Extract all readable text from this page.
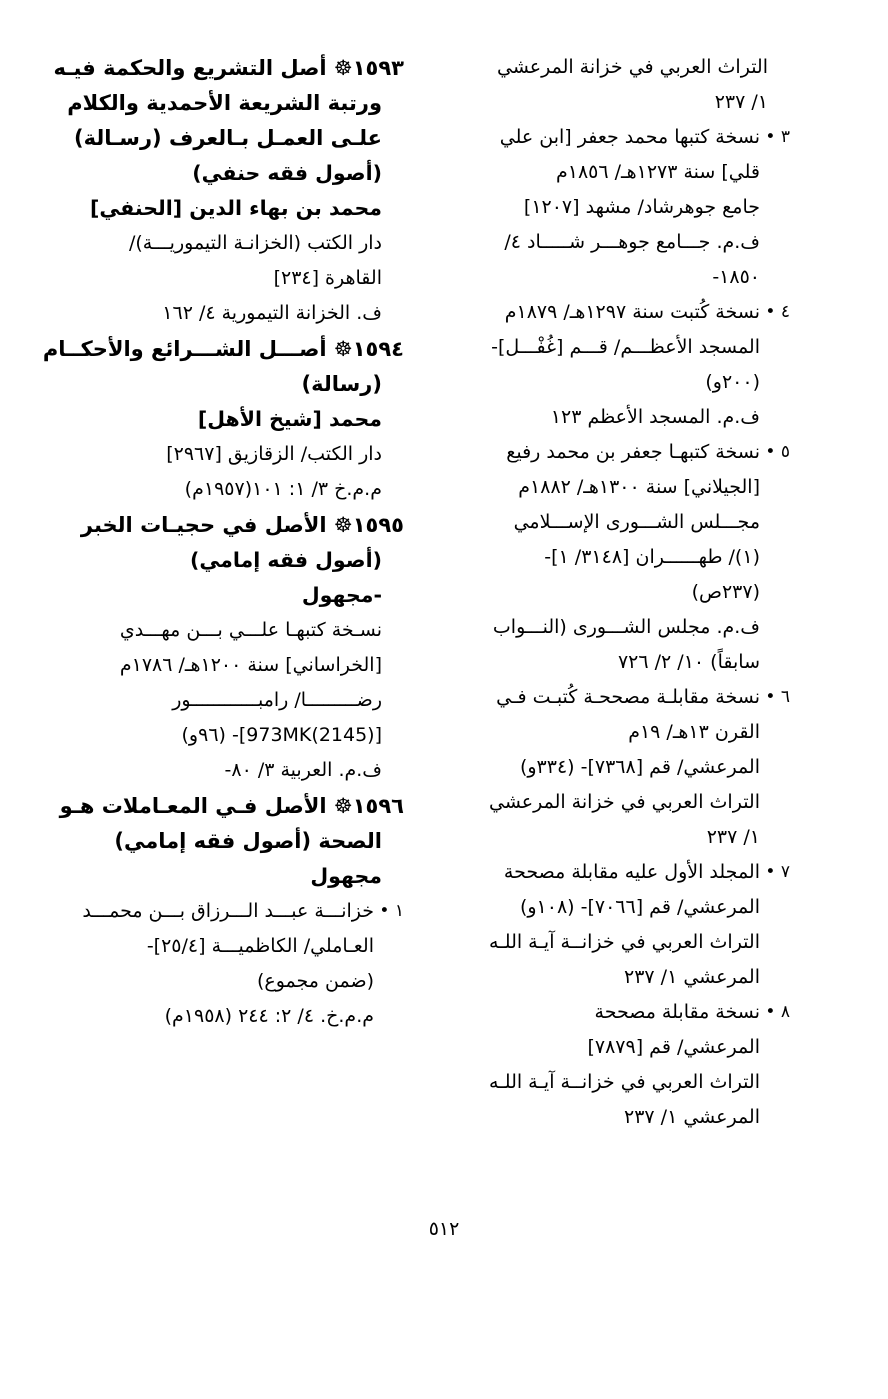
التراث العربي في خزانة المرعشي
١/ ٢٣٧
٣ •
نسخة كتبها محمد جعفر [ابن علي
قلي] سنة ١٢٧٣هـ/ ١٨٥٦م
جامع جوهرشاد/ مشهد [١٢٠٧]
ف.م. جـــامع جوهـــر شـــــاد ٤/
١٨٥٠-
٤ •
نسخة كُتبت سنة ١٢٩٧هـ/ ١٨٧٩م
المسجد الأعظـــم/ قـــم [غُفْـــل]-
(٢٠٠و)
ف.م. المسجد الأعظم ١٢٣
٥ •
نسخة كتبهـا جعفر بن محمد رفيع
[الجيلاني] سنة ١٣٠٠هـ/ ١٨٨٢م
مجـــلس الشـــورى الإســـلامي
(١)/ طهــــــران [٣١٤٨/ ١]-
(٢٣٧ص)
ف.م. مجلس الشـــورى (النـــواب
سابقاً) ١٠/ ٢/ ٧٢٦
٦ •
نسخة مقابلـة مصححـة كُتبـت فـي
القرن ١٣هـ/ ١٩م
المرعشي/ قم [٧٣٦٨]- (٣٣٤و)
التراث العربي في خزانة المرعشي
١/ ٢٣٧
٧ •
المجلد الأول عليه مقابلة مصححة
المرعشي/ قم [٧٠٦٦]- (١٠٨و)
التراث العربي في خزانــة آيـة اللـه
المرعشي ١/ ٢٣٧
٨ •
نسخة مقابلة مصححة
المرعشي/ قم [٧٨٧٩]
التراث العربي في خزانــة آيـة اللـه
المرعشي ١/ ٢٣٧
١٥٩٣☸ أصل التشريع والحكمة فيـه
ورتبة الشريعة الأحمدية والكلام
علـى العمـل بـالعرف (رسـالة)
(أصول فقه حنفي)
محمد بن بهاء الدين [الحنفي]
دار الكتب (الخزانـة التيموريـــة)/
القاهرة [٢٣٤]
ف. الخزانة التيمورية ٤/ ١٦٢
١٥٩٤☸ أصـــل الشـــرائع والأحكــام
(رسالة)
محمد [شيخ الأهل]
دار الكتب/ الزقازيق [٢٩٦٧]
م.م.خ ٣/ ١: ١٠١(١٩٥٧م)
١٥٩٥☸ الأصل في حجيـات الخبر
(أصول فقه إمامي)
-مجهول
نسـخة كتبهـا علـــي بـــن مهـــدي
[الخراساني] سنة ١٢٠٠هـ/ ١٧٨٦م
رضـــــــــا/ رامبــــــــــــور
[(2145)973MK]- (٩٦و)
ف.م. العربية ٣/ ٨٠-
١٥٩٦☸ الأصل فـي المعـاملات هـو
الصحة (أصول فقه إمامي)
مجهول
١ •
خزانـــة عبـــد الـــرزاق بـــن محمـــد
العـاملي/ الكاظميـــة [٢٥/٤]-
(ضمن مجموع)
م.م.خ. ٤/ ٢: ٢٤٤ (١٩٥٨م)
٥١٢
